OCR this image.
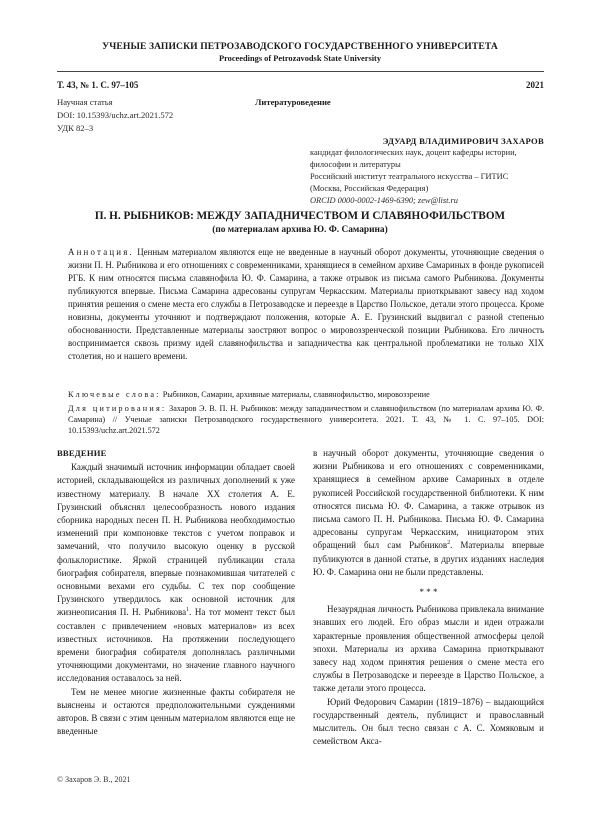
УЧЕНЫЕ ЗАПИСКИ ПЕТРОЗАВОДСКОГО ГОСУДАРСТВЕННОГО УНИВЕРСИТЕТА
Proceedings of Petrozavodsk State University
Т. 43, № 1. С. 97–105	2021
Научная статья	Литературоведение
DOI: 10.15393/uchz.art.2021.572
УДК 82–3
ЭДУАРД ВЛАДИМИРОВИЧ ЗАХАРОВ
кандидат филологических наук, доцент кафедры истории,
философии и литературы
Российский институт театрального искусства – ГИТИС
(Москва, Российская Федерация)
ORCID 0000-0002-1469-6390; zew@list.ru
П. Н. РЫБНИКОВ: МЕЖДУ ЗАПАДНИЧЕСТВОМ И СЛАВЯНОФИЛЬСТВОМ
(по материалам архива Ю. Ф. Самарина)
Аннотация. Ценным материалом являются еще не введенные в научный оборот документы, уточняющие сведения о жизни П. Н. Рыбникова и его отношениях с современниками, хранящиеся в семейном архиве Самариных в фонде рукописей РГБ. К ним относятся письма славянофила Ю. Ф. Самарина, а также отрывок из письма самого Рыбникова. Документы публикуются впервые. Письма Самарина адресованы супругам Черкасским. Материалы приоткрывают завесу над ходом принятия решения о смене места его службы в Петрозаводске и переезде в Царство Польское, детали этого процесса. Кроме новизны, документы уточняют и подтверждают положения, которые А. Е. Грузинский выдвигал с разной степенью обоснованности. Представленные материалы заостряют вопрос о мировоззренческой позиции Рыбникова. Его личность воспринимается сквозь призму идей славянофильства и западничества как центральной проблематики не только XIX столетия, но и нашего времени.
Ключевые слова: Рыбников, Самарин, архивные материалы, славянофильство, мировоззрение
Для цитирования: Захаров Э. В. П. Н. Рыбников: между западничеством и славянофильством (по материалам архива Ю. Ф. Самарина) // Ученые записки Петрозаводского государственного университета. 2021. Т. 43, № 1. С. 97–105. DOI: 10.15393/uchz.art.2021.572
ВВЕДЕНИЕ

Каждый значимый источник информации обладает своей историей, складывающейся из различных дополнений к уже известному материалу. В начале XX столетия А. Е. Грузинский объяснял целесообразность нового издания сборника народных песен П. Н. Рыбникова необходимостью изменений при компоновке текстов с учетом поправок и замечаний, что получило высокую оценку в русской фольклористике. Яркой страницей публикации стала биография собирателя, впервые познакомившая читателей с основными вехами его судьбы. С тех пор сообщение Грузинского утвердилось как основной источник для жизнеописания П. Н. Рыбникова$^1$. На тот момент текст был составлен с привлечением «новых материалов» из всех известных источников. На протяжении последующего времени биография собирателя дополнялась различными уточняющими документами, но значение главного научного исследования оставалось за ней.

Тем не менее многие жизненные факты собирателя не выяснены и остаются предположительными суждениями авторов. В связи с этим ценным материалом являются еще не введенные

в научный оборот документы, уточняющие сведения о жизни Рыбникова и его отношениях с современниками, хранящиеся в семейном архиве Самариных в отделе рукописей Российской государственной библиотеки. К ним относятся письма Ю. Ф. Самарина, а также отрывок из письма самого П. Н. Рыбникова. Письма Ю. Ф. Самарина адресованы супругам Черкасским, инициатором этих обращений был сам Рыбников$^2$. Материалы впервые публикуются в данной статье, в других изданиях наследия Ю. Ф. Самарина они не были представлены.

* * *

Незаурядная личность Рыбникова привлекала внимание знавших его людей. Его образ мысли и идеи отражали характерные проявления общественной атмосферы целой эпохи. Материалы из архива Самарина приоткрывают завесу над ходом принятия решения о смене места его службы в Петрозаводске и переезде в Царство Польское, а также детали этого процесса.

Юрий Федорович Самарин (1819–1876) – выдающийся государственный деятель, публицист и православный мыслитель. Он был тесно связан с А. С. Хомяковым и семейством Акса-

© Захаров Э. В., 2021
